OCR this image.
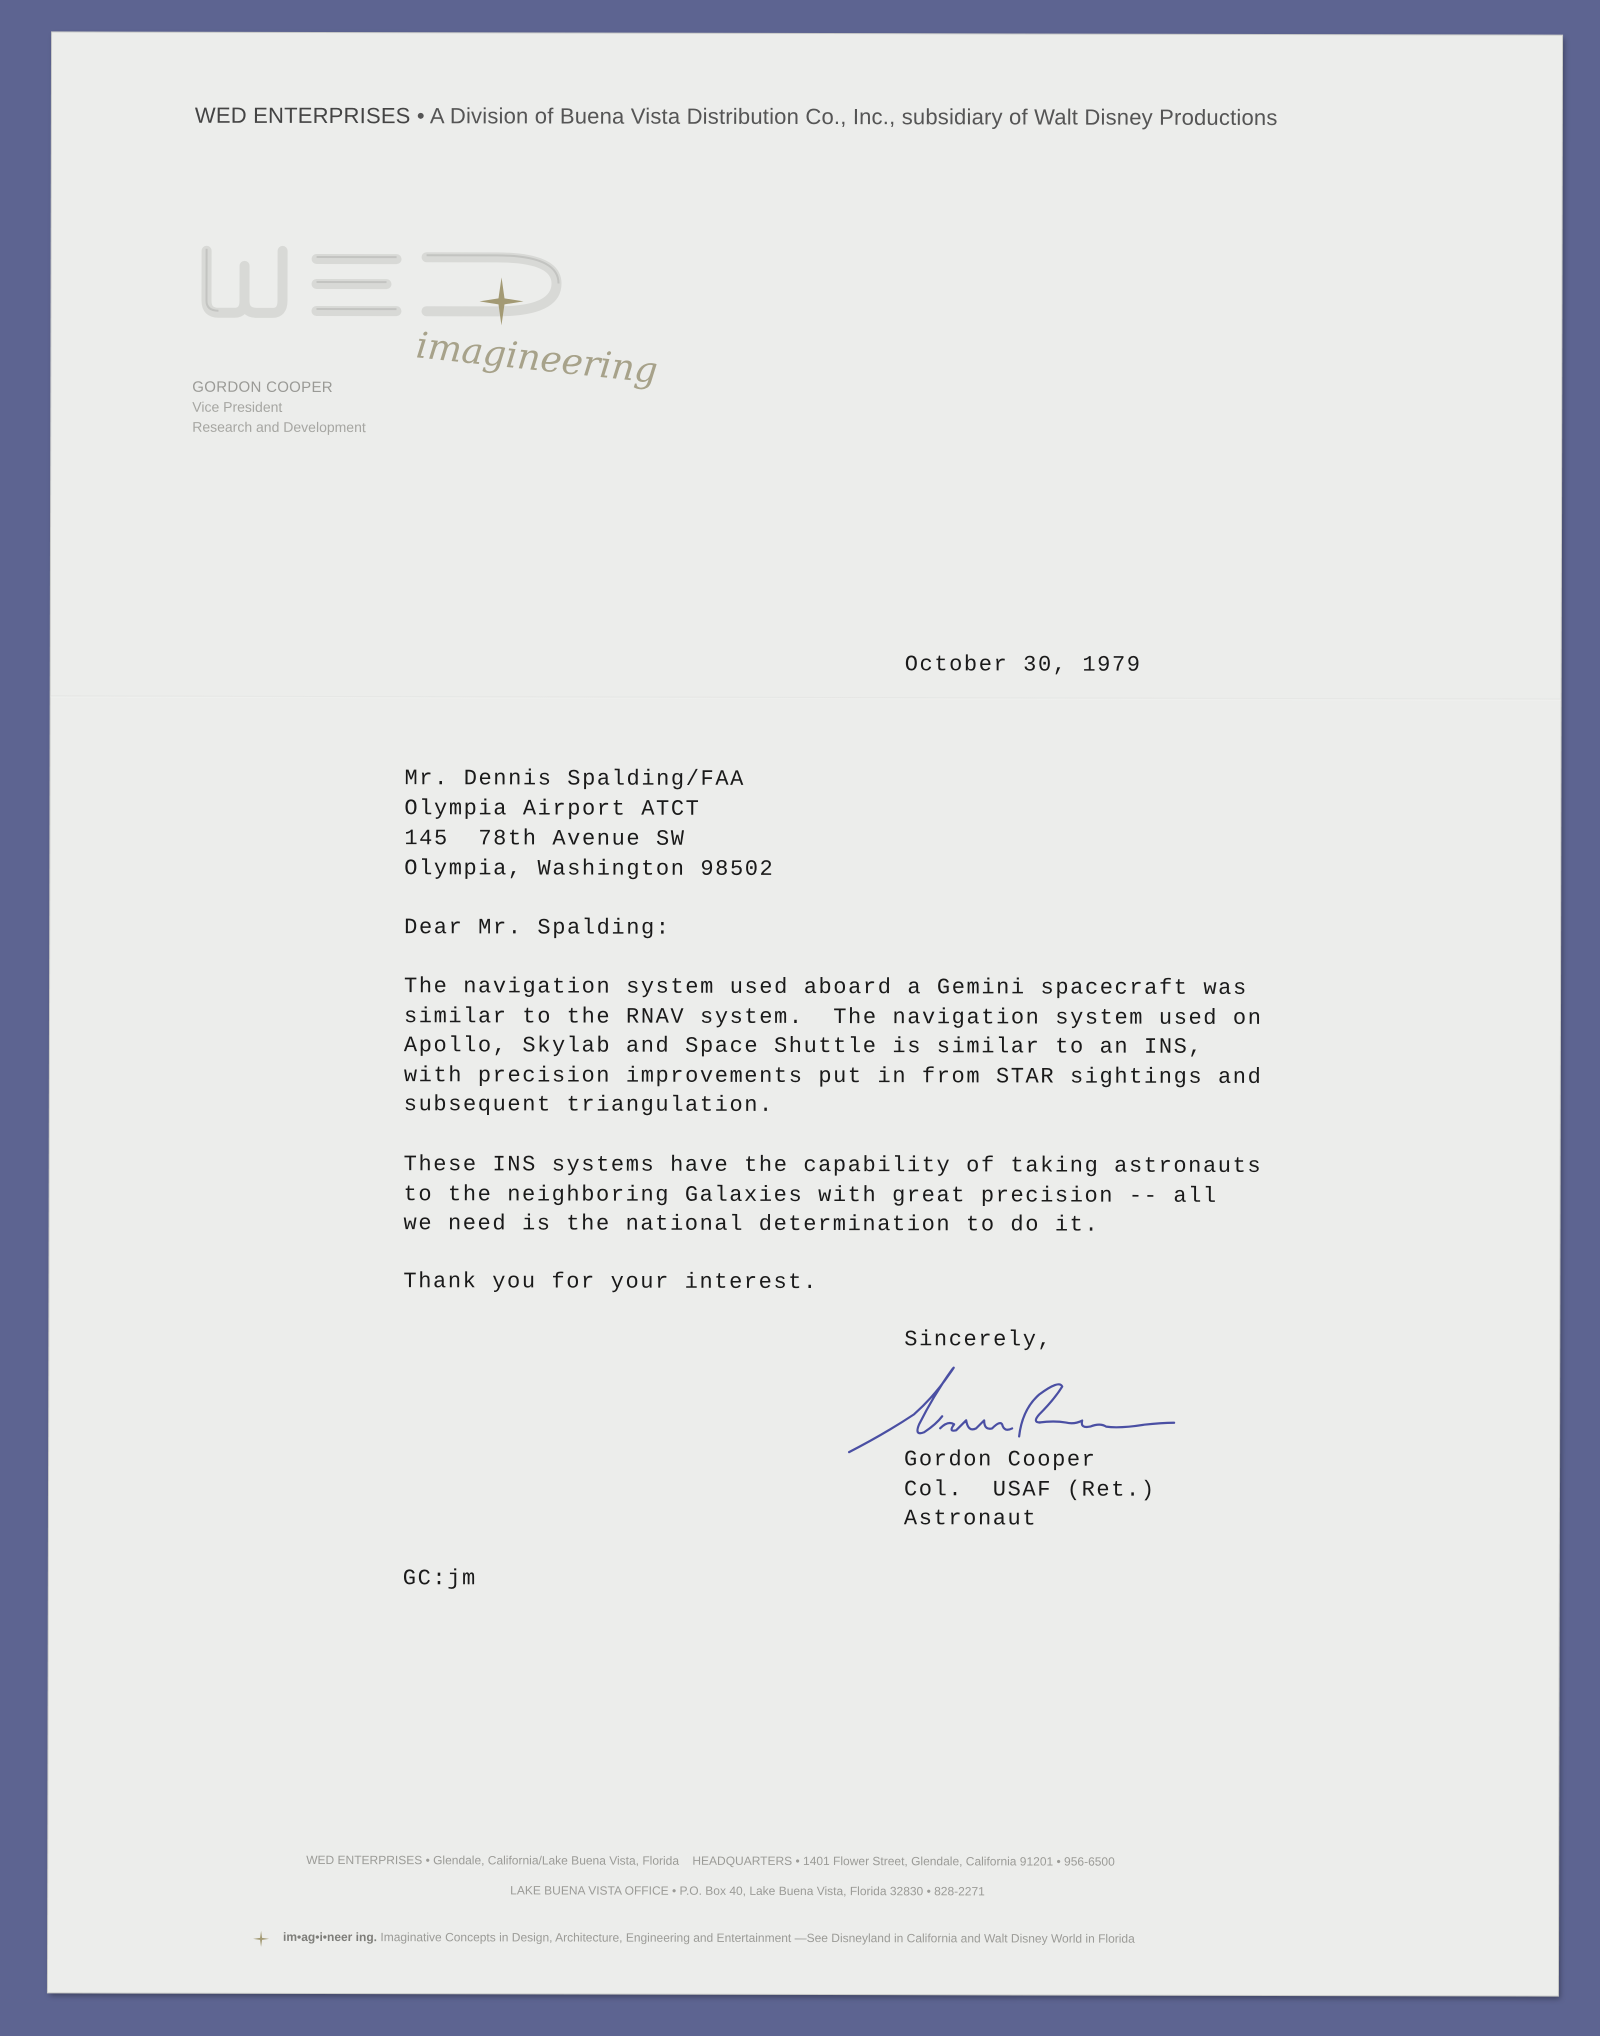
WED ENTERPRISES • A Division of Buena Vista Distribution Co., Inc., subsidiary of Walt Disney Productions
imagineering
GORDON COOPER
Vice President
Research and Development
October 30, 1979
Mr. Dennis Spalding/FAA
Olympia Airport ATCT
145  78th Avenue SW
Olympia, Washington 98502
Dear Mr. Spalding:
The navigation system used aboard a Gemini spacecraft was
similar to the RNAV system.  The navigation system used on
Apollo, Skylab and Space Shuttle is similar to an INS,
with precision improvements put in from STAR sightings and
subsequent triangulation.
These INS systems have the capability of taking astronauts
to the neighboring Galaxies with great precision -- all
we need is the national determination to do it.
Thank you for your interest.
Sincerely,
Gordon Cooper
Col.  USAF (Ret.)
Astronaut
GC:jm
WED ENTERPRISES • Glendale, California/Lake Buena Vista, Florida    HEADQUARTERS • 1401 Flower Street, Glendale, California 91201 • 956-6500
LAKE BUENA VISTA OFFICE • P.O. Box 40, Lake Buena Vista, Florida 32830 • 828-2271
im•ag•i•neer ing. Imaginative Concepts in Design, Architecture, Engineering and Entertainment —See Disneyland in California and Walt Disney World in Florida
